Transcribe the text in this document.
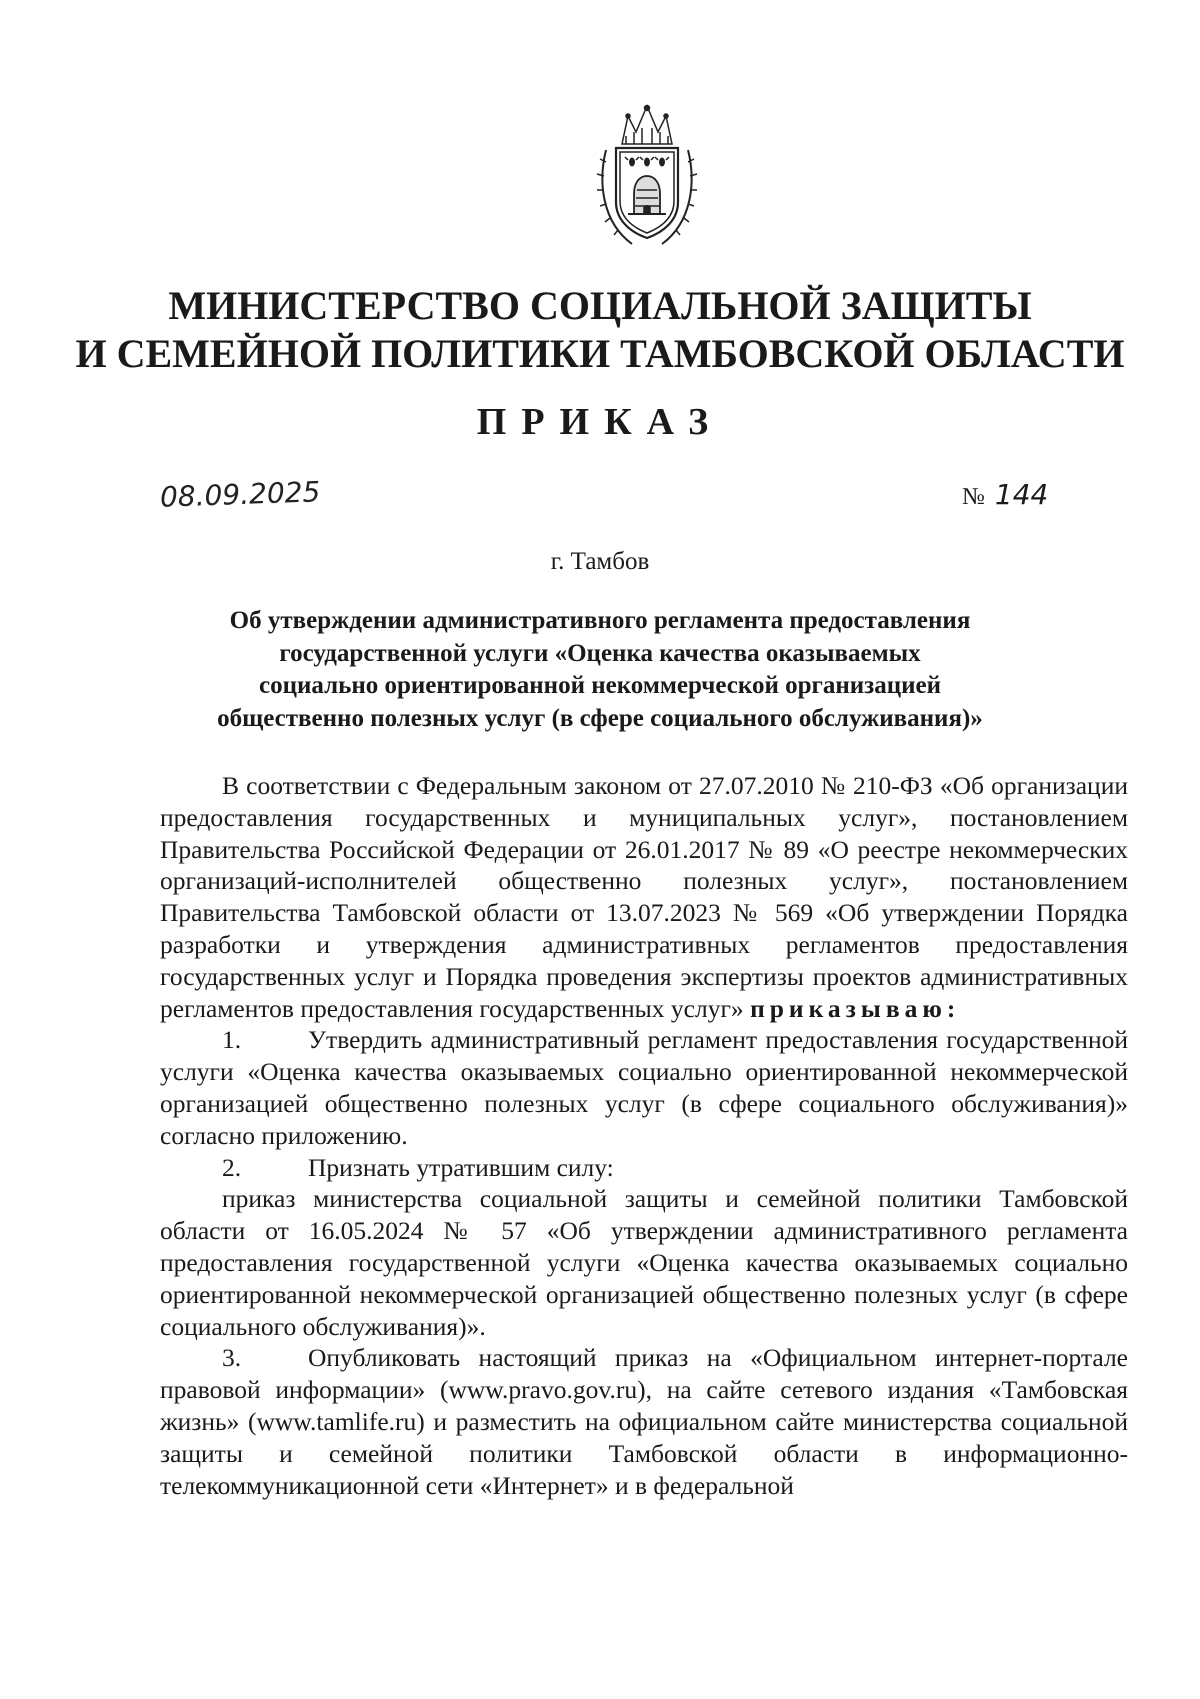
МИНИСТЕРСТВО СОЦИАЛЬНОЙ ЗАЩИТЫ
И СЕМЕЙНОЙ ПОЛИТИКИ ТАМБОВСКОЙ ОБЛАСТИ
ПРИКАЗ
08.09.2025	№ 144
г. Тамбов
Об утверждении административного регламента предоставления
государственной услуги «Оценка качества оказываемых
социально ориентированной некоммерческой организацией
общественно полезных услуг (в сфере социального обслуживания)»

В соответствии с Федеральным законом от 27.07.2010 № 210-ФЗ «Об организации предоставления государственных и муниципальных услуг», постановлением Правительства Российской Федерации от 26.01.2017 № 89 «О реестре некоммерческих организаций-исполнителей общественно полезных услуг», постановлением Правительства Тамбовской области от 13.07.2023 № 569 «Об утверждении Порядка разработки и утверждения административных регламентов предоставления государственных услуг и Порядка проведения экспертизы проектов административных регламентов предоставления государственных услуг» приказываю:

1.	Утвердить административный регламент предоставления государственной услуги «Оценка качества оказываемых социально ориентированной некоммерческой организацией общественно полезных услуг (в сфере социального обслуживания)» согласно приложению.

2.	Признать утратившим силу:

приказ министерства социальной защиты и семейной политики Тамбовской области от 16.05.2024 № 57 «Об утверждении административного регламента предоставления государственной услуги «Оценка качества оказываемых социально ориентированной некоммерческой организацией общественно полезных услуг (в сфере социального обслуживания)».

3.	Опубликовать настоящий приказ на «Официальном интернет-портале правовой информации» (www.pravo.gov.ru), на сайте сетевого издания «Тамбовская жизнь» (www.tamlife.ru) и разместить на официальном сайте министерства социальной защиты и семейной политики Тамбовской области в информационно-телекоммуникационной сети «Интернет» и в федеральной
